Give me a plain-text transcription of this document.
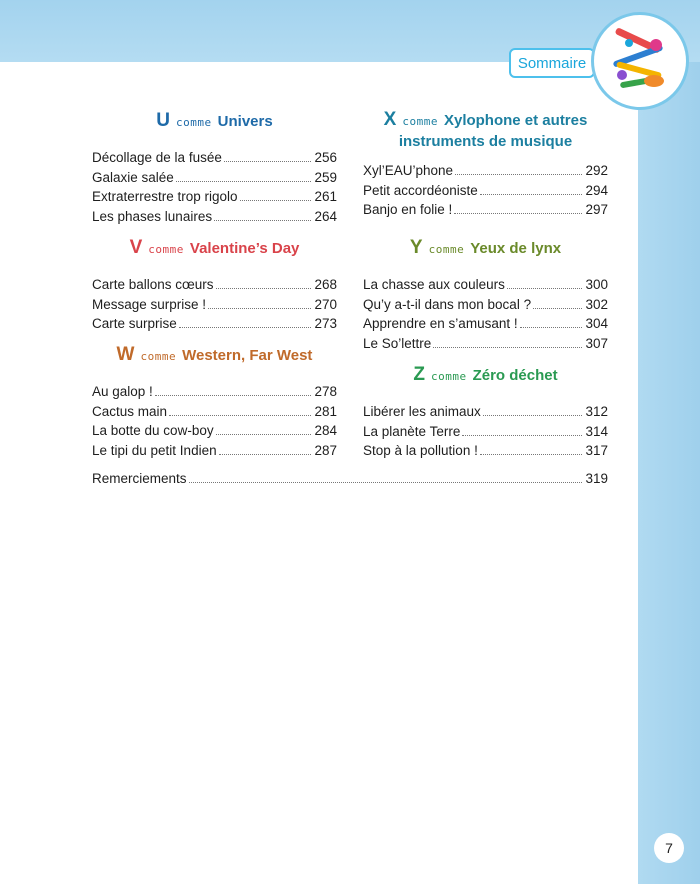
Sommaire
Ucomme Univers
Décollage de la fusée	256
Galaxie salée	259
Extraterrestre trop rigolo	261
Les phases lunaires	264
Vcomme Valentine’s Day
Carte ballons cœurs	268
Message surprise !	270
Carte surprise	273
Wcomme Western, Far West
Au galop !	278
Cactus main	281
La botte du cow-boy	284
Le tipi du petit Indien	287
Xcomme Xylophone et autres
instruments de musique
Xyl’EAU’phone	292
Petit accordéoniste	294
Banjo en folie !	297
Ycomme Yeux de lynx
La chasse aux couleurs	300
Qu’y a-t-il dans mon bocal ?	302
Apprendre en s’amusant !	304
Le So’lettre	307
Zcomme Zéro déchet
Libérer les animaux	312
La planète Terre	314
Stop à la pollution !	317
Remerciements	319
7
